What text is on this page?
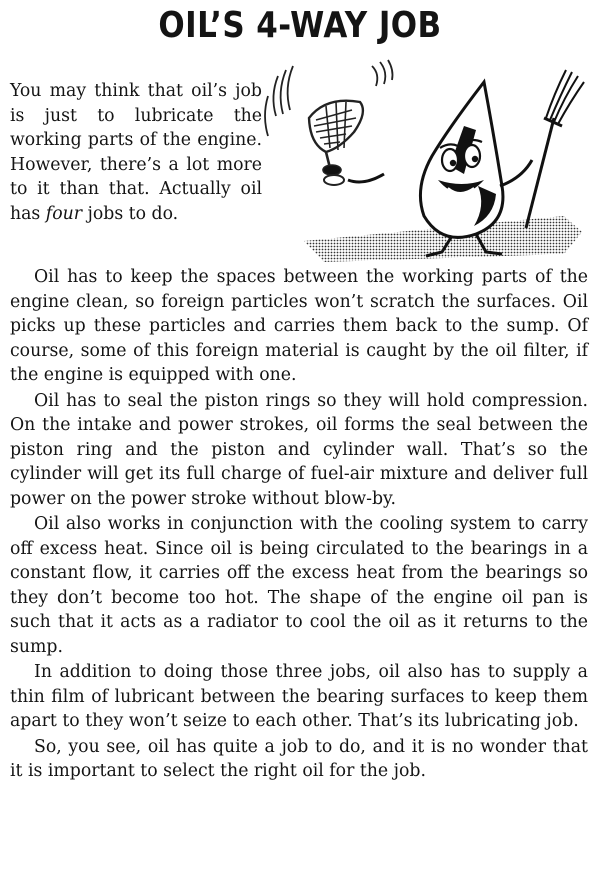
OIL’S 4-WAY JOB

You may think that oil’s job is just to lubricate the working parts of the engine. However, there’s a lot more to it than that. Actually oil has four jobs to do.

Oil has to keep the spaces between the working parts of the engine clean, so foreign particles won’t scratch the surfaces. Oil picks up these particles and carries them back to the sump. Of course, some of this foreign material is caught by the oil filter, if the engine is equipped with one.

Oil has to seal the piston rings so they will hold compression. On the intake and power strokes, oil forms the seal between the piston ring and the piston and cylinder wall. That’s so the cylinder will get its full charge of fuel-air mixture and deliver full power on the power stroke without blow-by.

Oil also works in conjunction with the cooling system to carry off excess heat. Since oil is being circulated to the bearings in a constant flow, it carries off the excess heat from the bearings so they don’t become too hot. The shape of the engine oil pan is such that it acts as a radiator to cool the oil as it returns to the sump.

In addition to doing those three jobs, oil also has to supply a thin film of lubricant between the bearing surfaces to keep them apart to they won’t seize to each other. That’s its lubricating job.

So, you see, oil has quite a job to do, and it is no wonder that it is important to select the right oil for the job.
